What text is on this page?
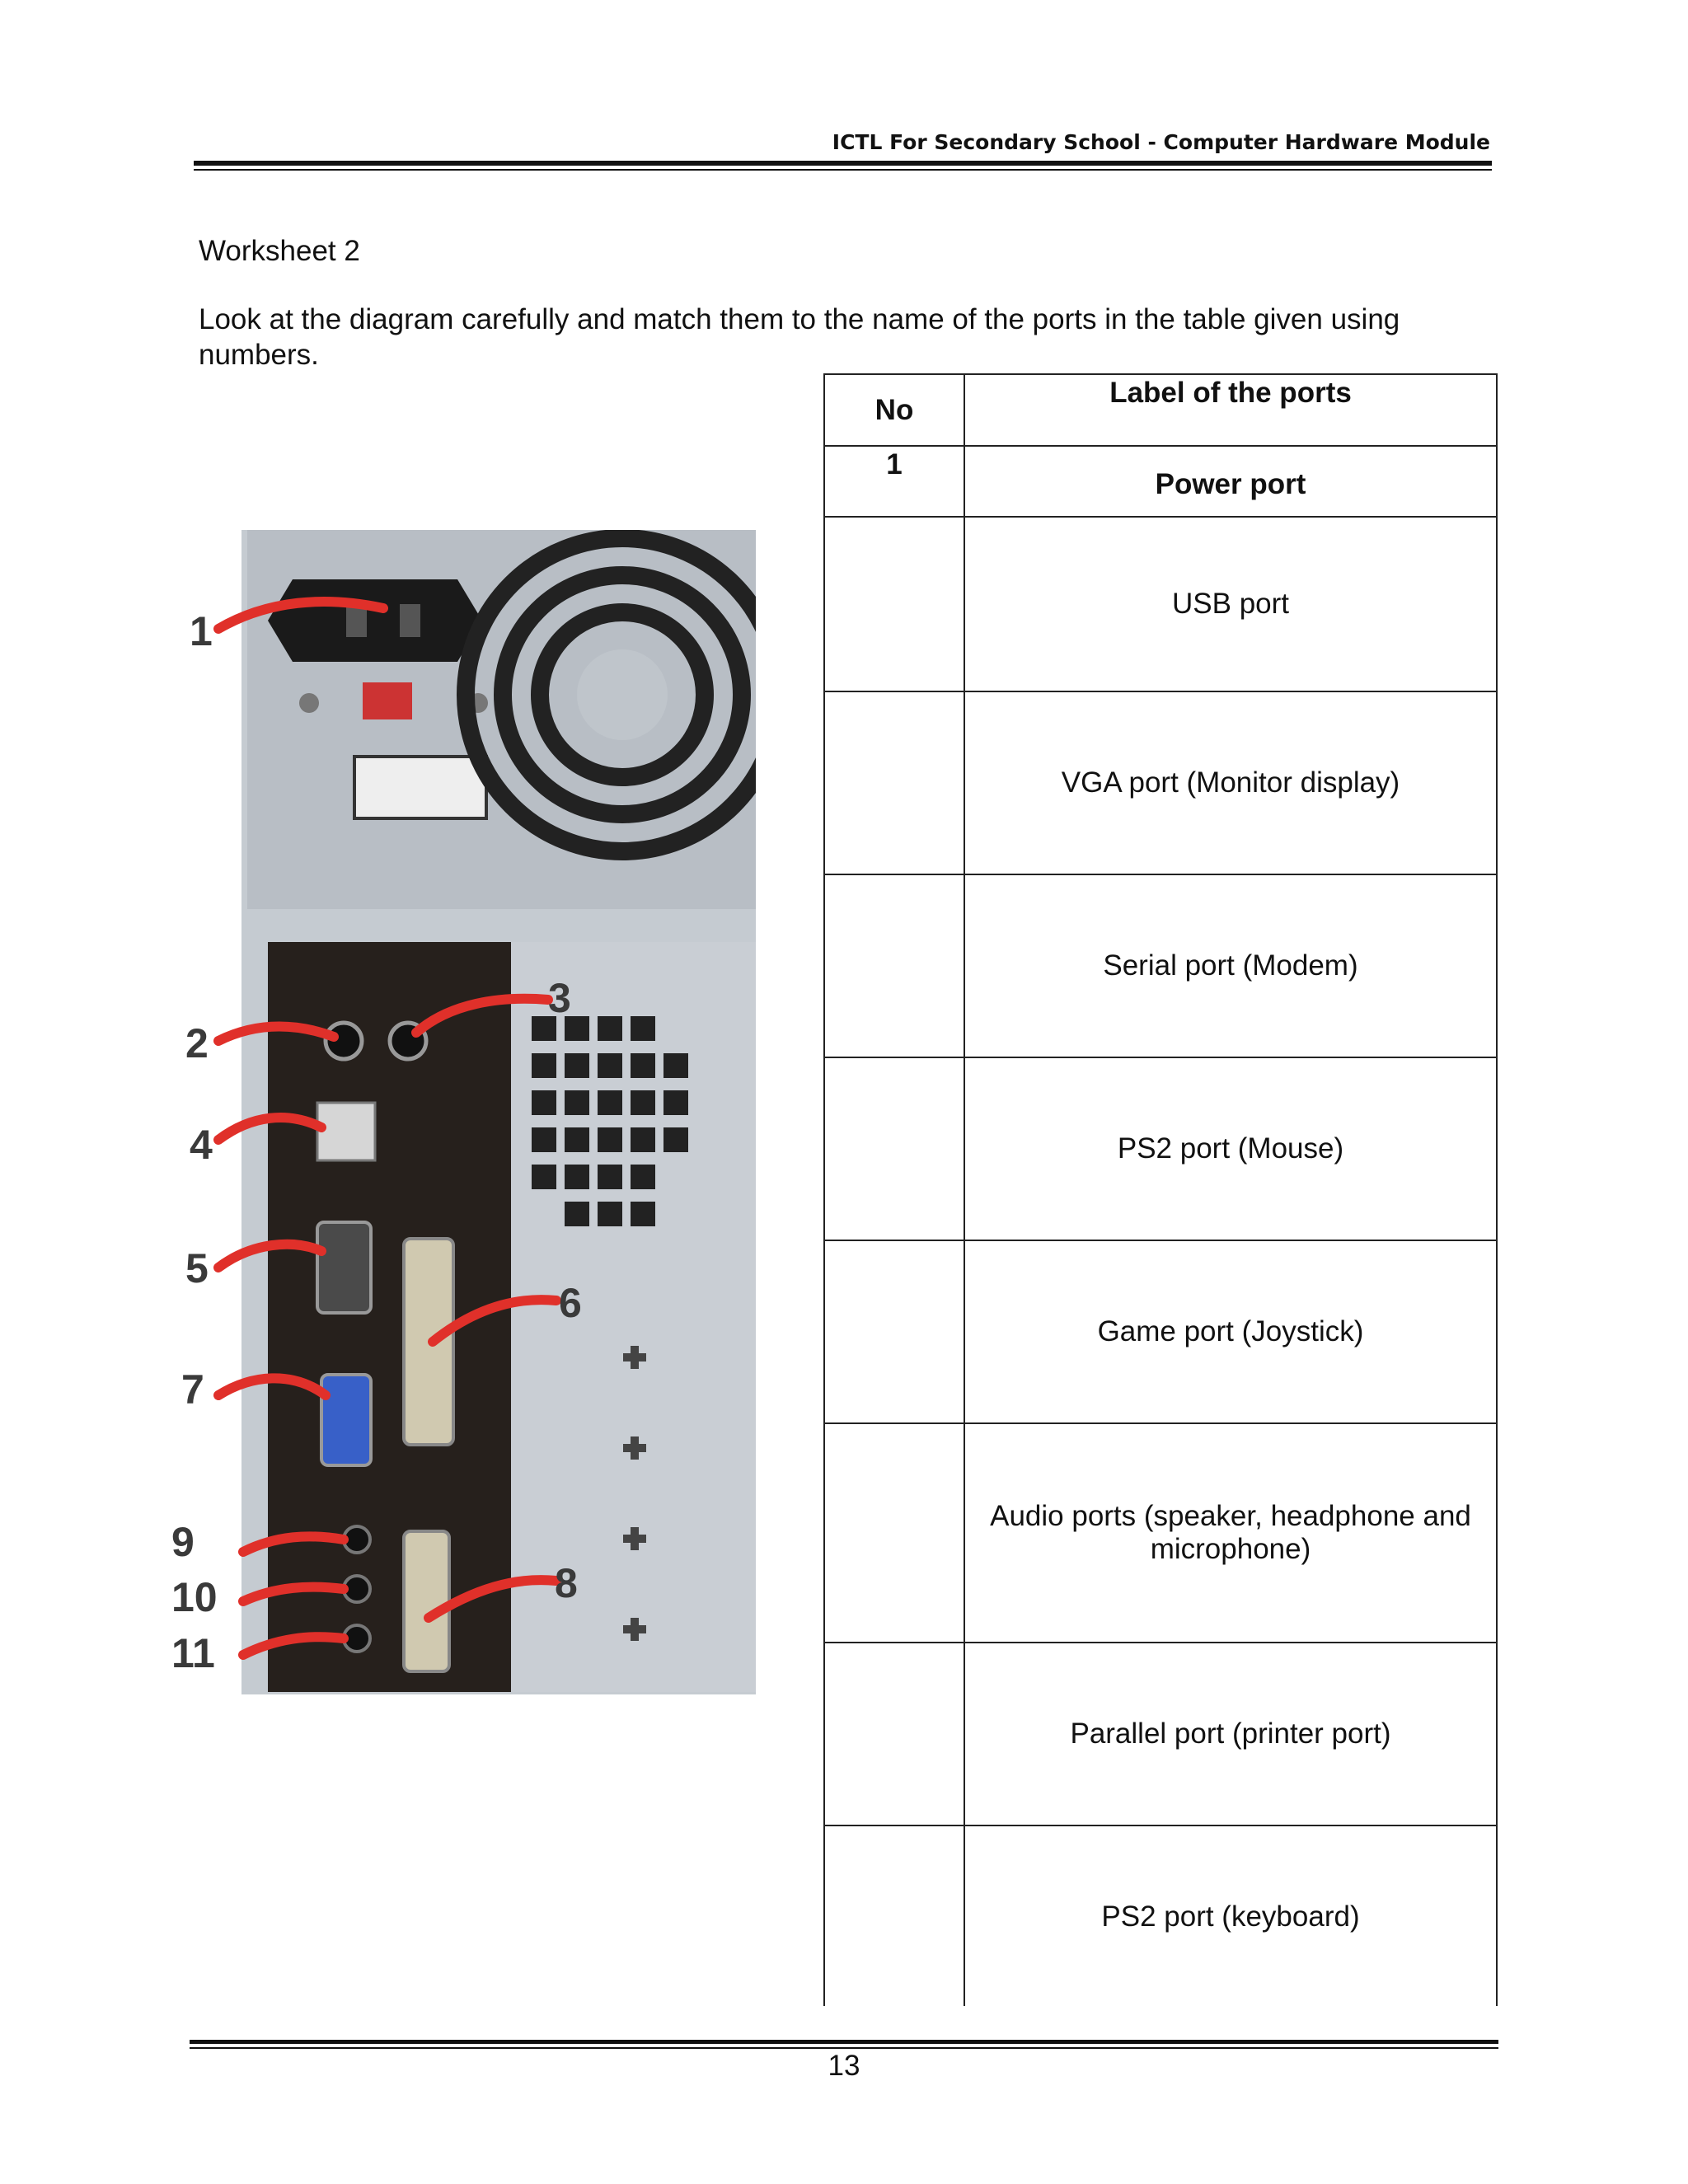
ICTL For Secondary School - Computer Hardware Module
Worksheet 2
Look at the diagram carefully and match them to the name of the ports in the table given using numbers.
1
2
3
4
5
6
7
8
9
10
11
No	Label of the ports
1	Power port
	USB port
	VGA port (Monitor display)
	Serial port (Modem)
	PS2 port (Mouse)
	Game port (Joystick)
	Audio ports (speaker, headphone and microphone)
	Parallel port (printer port)
	PS2 port (keyboard)
13
